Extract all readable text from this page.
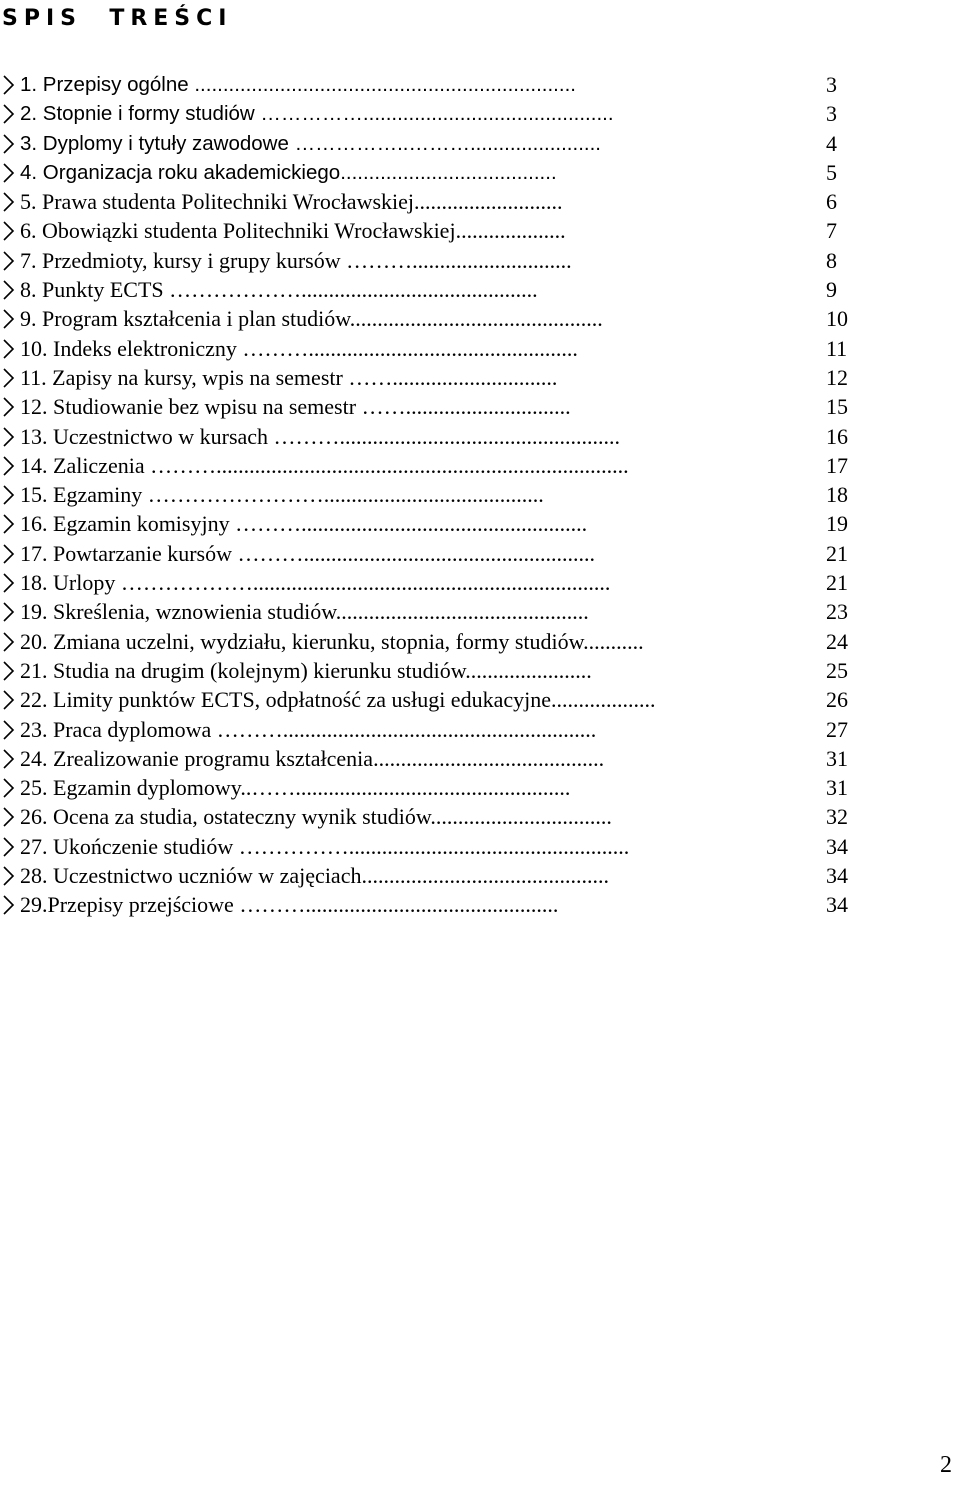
SPIS  TREŚCI
1. Przepisy ogólne ...................................................................	3
2. Stopnie i formy studiów ……………............................................	3
3. Dyplomy i tytuły zawodowe ……………..……….......................	4
4. Organizacja roku akademickiego......................................	5
5. Prawa studenta Politechniki Wrocławskiej...........................	6
6. Obowiązki studenta Politechniki Wrocławskiej....................	7
7. Przedmioty, kursy i grupy kursów ……….............................	8
8. Punkty ECTS ………………...........................................	9
9. Program kształcenia i plan studiów..............................................	10
10. Indeks elektroniczny ……….................................................	11
11. Zapisy na kursy, wpis na semestr ……..............................	12
12. Studiowanie bez wpisu na semestr ……..............................	15
13. Uczestnictwo w kursach ………...................................................	16
14. Zaliczenia ………...........................................................................	17
15. Egzaminy ……………………........................................	18
16. Egzamin komisyjny ………....................................................	19
17. Powtarzanie kursów ……….....................................................	21
18. Urlopy ……………….................................................................	21
19. Skreślenia, wznowienia studiów..............................................	23
20. Zmiana uczelni, wydziału, kierunku, stopnia, formy studiów...........	24
21. Studia na drugim (kolejnym) kierunku studiów.......................	25
22. Limity punktów ECTS, odpłatność za usługi edukacyjne...................	26
23. Praca dyplomowa ……….........................................................	27
24. Zrealizowanie programu kształcenia..........................................	31
25. Egzamin dyplomowy..……..................................................	31
26. Ocena za studia, ostateczny wynik studiów.................................	32
27. Ukończenie studiów ……………...................................................	34
28. Uczestnictwo uczniów w zajęciach.............................................	34
29.Przepisy przejściowe ………..............................................	34
2
